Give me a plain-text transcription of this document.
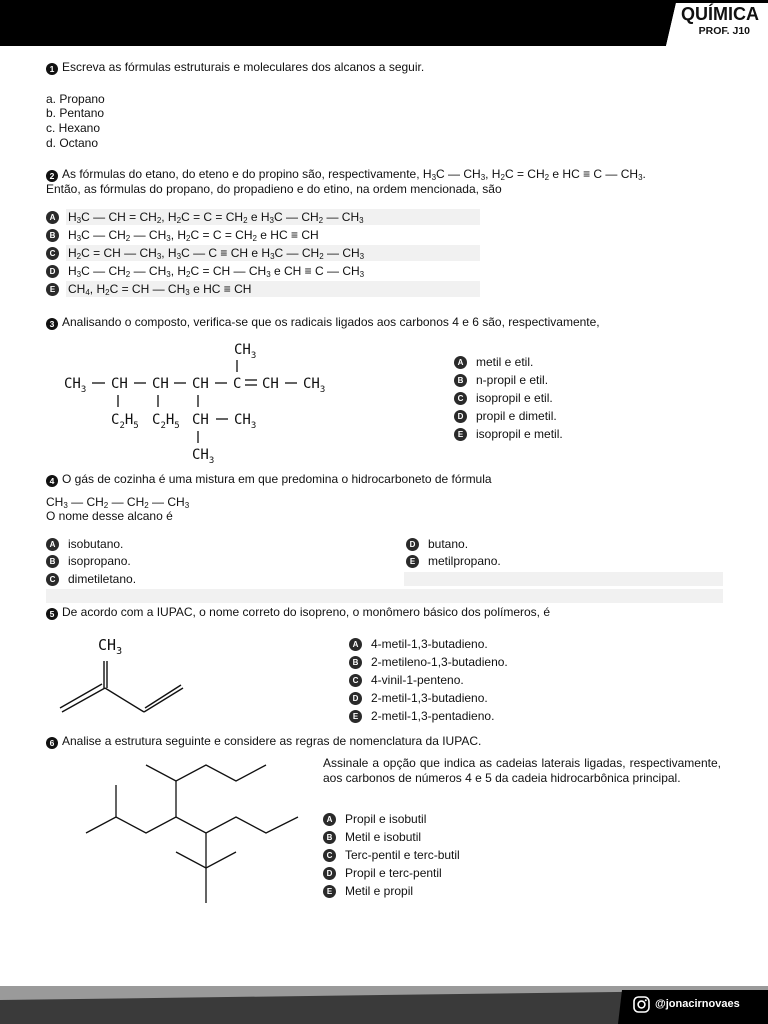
QUÍMICA
PROF. J10
1 Escreva as fórmulas estruturais e moleculares dos alcanos a seguir.
a. Propano
b. Pentano
c. Hexano
d. Octano
2 As fórmulas do etano, do eteno e do propino são, respectivamente, $H_3C$ — $CH_3$, $H_2C = CH_2$ e HC ≡ C — $CH_3$.
Então, as fórmulas do propano, do propadieno e do etino, na ordem mencionada, são
A	$H_3C$ — CH = $CH_2$, $H_2C = C = CH_2$ e $H_3C$ — $CH_2$ — $CH_3$
B	$H_3C$ — $CH_2$ — $CH_3$, $H_2C = C = CH_2$ e HC ≡ CH
C	$H_2C$ = CH — $CH_3$, $H_3C$ — C ≡ CH e $H_3C$ — $CH_2$ — $CH_3$
D	$H_3C$ — $CH_2$ — $CH_3$, $H_2C$ = CH — $CH_3$ e CH ≡ C — $CH_3$
E	$CH_4$, $H_2C$ = CH — $CH_3$ e HC ≡ CH
3 Analisando o composto, verifica-se que os radicais ligados aos carbonos 4 e 6 são, respectivamente,
$CH_3$
$CH_3$ CH CH CH C CH $CH_3$
$C_2H_5$ $C_2H_5$ CH $CH_3$
$CH_3$
A	metil e etil.
B	n-propil e etil.
C	isopropil e etil.
D	propil e dimetil.
E	isopropil e metil.
4 O gás de cozinha é uma mistura em que predomina o hidrocarboneto de fórmula
$CH_3$ — $CH_2$ — $CH_2$ — $CH_3$
O nome desse alcano é
A	isobutano.
B	isopropano.
C	dimetiletano.
D	butano.
E	metilpropano.
5 De acordo com a IUPAC, o nome correto do isopreno, o monômero básico dos polímeros, é
$CH_3$
A	4-metil-1,3-butadieno.
B	2-metileno-1,3-butadieno.
C	4-vinil-1-penteno.
D	2-metil-1,3-butadieno.
E	2-metil-1,3-pentadieno.
6 Analise a estrutura seguinte e considere as regras de nomenclatura da IUPAC.
Assinale a opção que indica as cadeias laterais ligadas, respectivamente, aos carbonos de números 4 e 5 da cadeia hidrocarbônica principal.
A	Propil e isobutil
B	Metil e isobutil
C	Terc-pentil e terc-butil
D	Propil e terc-pentil
E	Metil e propil
@jonacirnovaes
